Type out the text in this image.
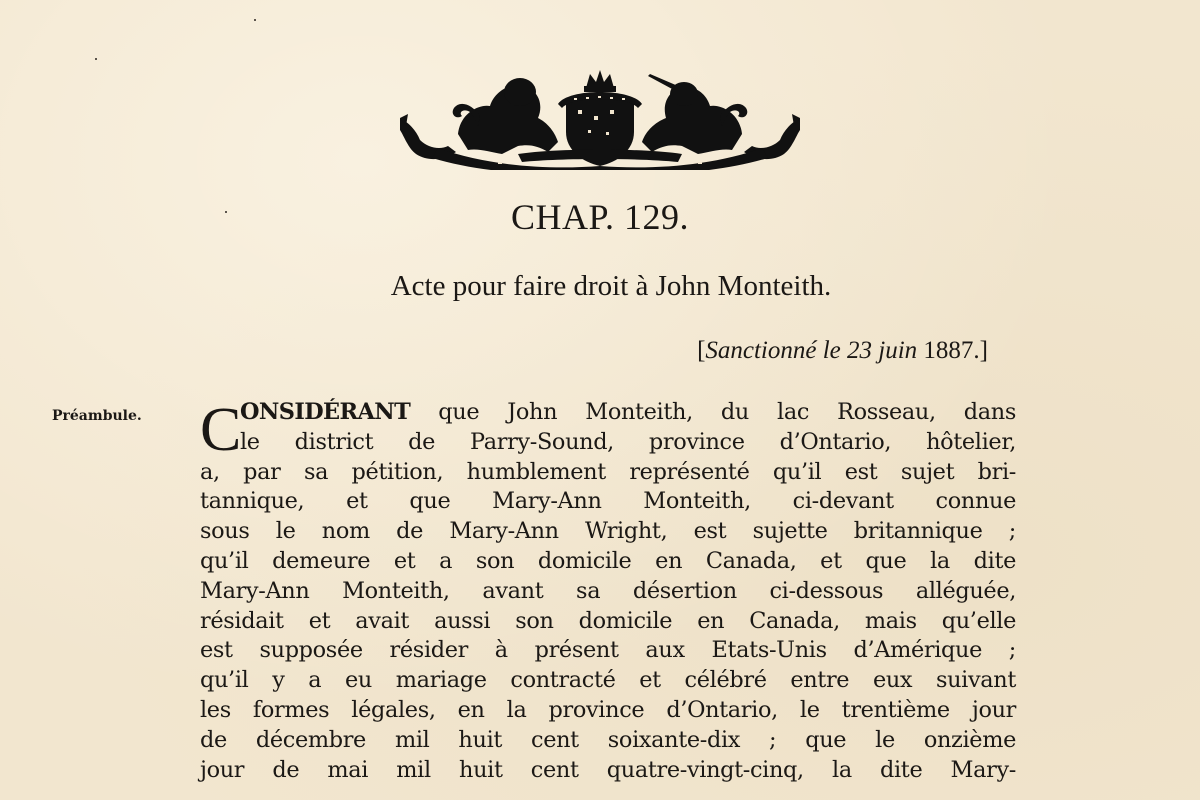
CHAP. 129.
Acte pour faire droit à John Monteith.
[Sanctionné le 23 juin 1887.]
Préambule. C
ONSIDÉRANT que John Monteith, du lac Rosseau, dans
le district de Parry-Sound, province d’Ontario, hôtelier,
a, par sa pétition, humblement représenté qu’il est sujet bri-
tannique, et que Mary-Ann Monteith, ci-devant connue
sous le nom de Mary-Ann Wright, est sujette britannique ;
qu’il demeure et a son domicile en Canada, et que la dite
Mary-Ann Monteith, avant sa désertion ci-dessous alléguée,
résidait et avait aussi son domicile en Canada, mais qu’elle
est supposée résider à présent aux Etats-Unis d’Amérique ;
qu’il y a eu mariage contracté et célébré entre eux suivant
les formes légales, en la province d’Ontario, le trentième jour
de décembre mil huit cent soixante-dix ; que le onzième
jour de mai mil huit cent quatre-vingt-cinq, la dite Mary-
